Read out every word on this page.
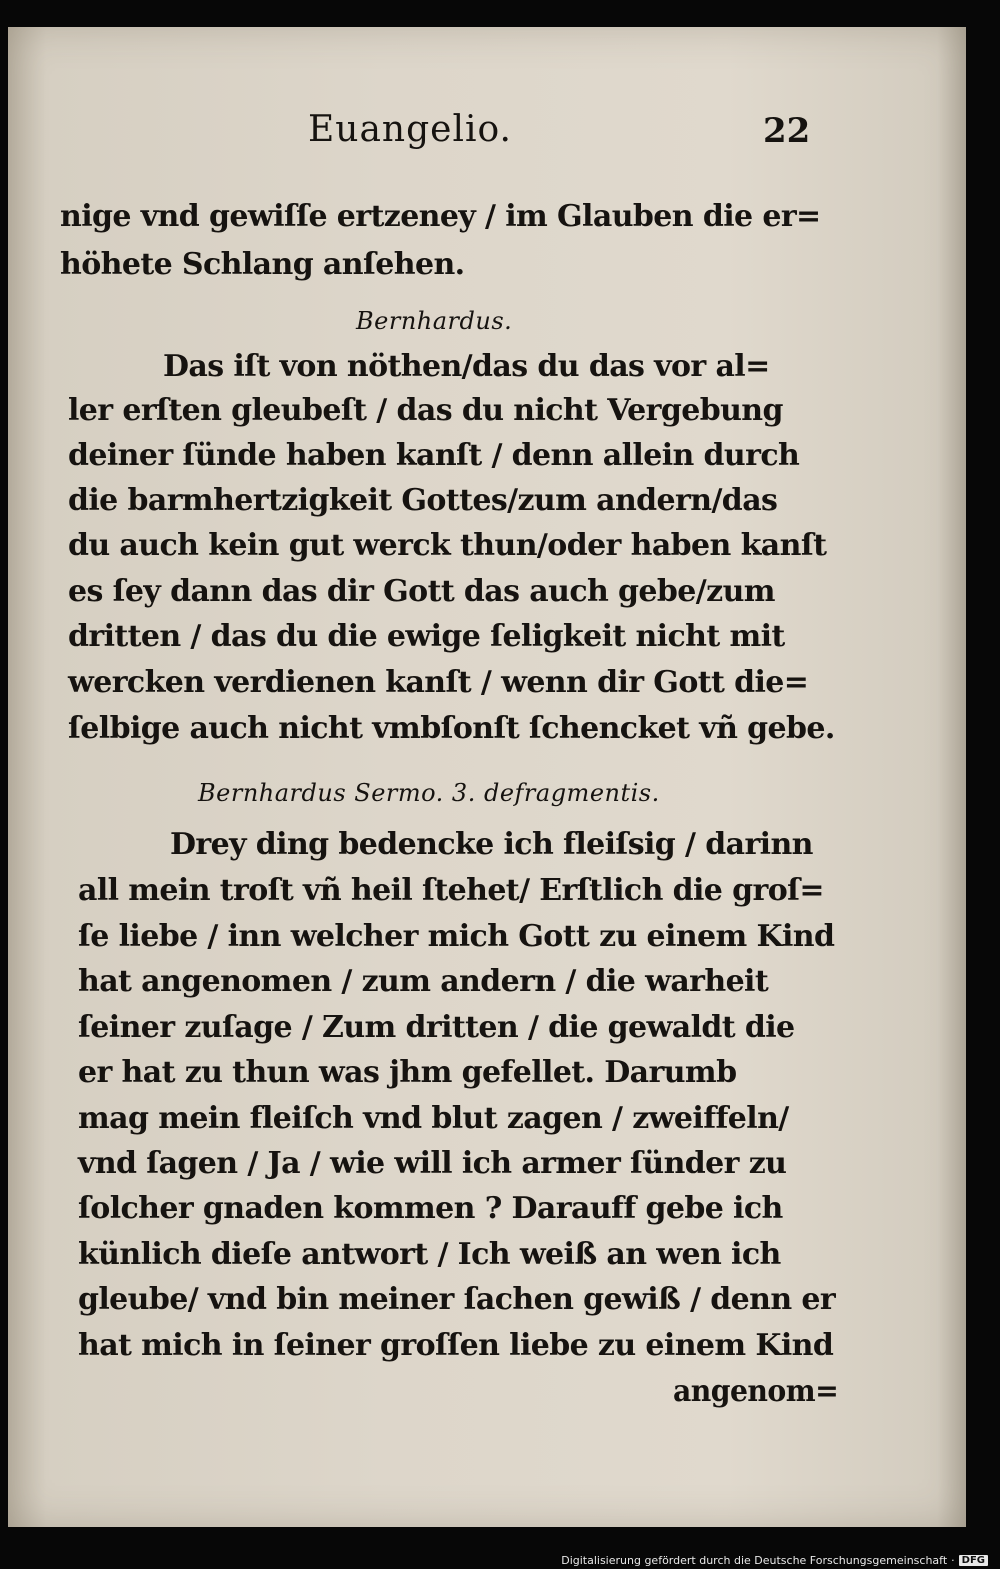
Euangelio.	22
nige vnd gewiſſe ertzeney / im Glauben die er=
höhete Schlang anſehen.
Bernhardus.
Das iſt von nöthen/das du das vor al=
ler erſten gleubeſt / das du nicht Vergebung
deiner ſünde haben kanſt / denn allein durch
die barmhertzigkeit Gottes/zum andern/das
du auch kein gut werck thun/oder haben kanſt
es ſey dann das dir Gott das auch gebe/zum
dritten / das du die ewige ſeligkeit nicht mit
wercken verdienen kanſt / wenn dir Gott die=
ſelbige auch nicht vmbſonſt ſchencket vñ gebe.
Bernhardus Sermo. 3. defragmentis.
Drey ding bedencke ich fleiſsig / darinn
all mein troſt vñ heil ſtehet/ Erſtlich die groſ=
ſe liebe / inn welcher mich Gott zu einem Kind
hat angenomen / zum andern / die warheit
ſeiner zuſage / Zum dritten / die gewaldt die
er hat zu thun was jhm gefellet. Darumb
mag mein fleiſch vnd blut zagen / zweiffeln/
vnd ſagen / Ja / wie will ich armer ſünder zu
ſolcher gnaden kommen ? Darauff gebe ich
künlich dieſe antwort / Ich weiß an wen ich
gleube/ vnd bin meiner ſachen gewiß / denn er
hat mich in ſeiner groſſen liebe zu einem Kind
angenom=
Digitalisierung gefördert durch die Deutsche Forschungsgemeinschaft · DFG
